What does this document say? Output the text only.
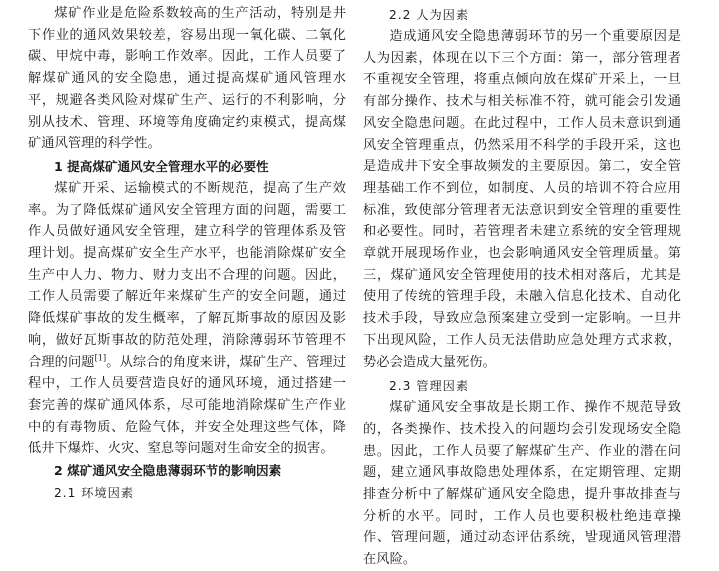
煤矿作业是危险系数较高的生产活动，特别是井下作业的通风效果较差，容易出现一氧化碳、二氧化碳、甲烷中毒，影响工作效率。因此，工作人员要了解煤矿通风的安全隐患，通过提高煤矿通风管理水平，规避各类风险对煤矿生产、运行的不利影响，分别从技术、管理、环境等角度确定约束模式，提高煤矿通风管理的科学性。

1 提高煤矿通风安全管理水平的必要性

煤矿开采、运输模式的不断规范，提高了生产效率。为了降低煤矿通风安全管理方面的问题，需要工作人员做好通风安全管理，建立科学的管理体系及管理计划。提高煤矿安全生产水平，也能消除煤矿安全生产中人力、物力、财力支出不合理的问题。因此，工作人员需要了解近年来煤矿生产的安全问题，通过降低煤矿事故的发生概率，了解瓦斯事故的原因及影响，做好瓦斯事故的防范处理，消除薄弱环节管理不合理的问题[1]。从综合的角度来讲，煤矿生产、管理过程中，工作人员要营造良好的通风环境，通过搭建一套完善的煤矿通风体系，尽可能地消除煤矿生产作业中的有毒物质、危险气体，并安全处理这些气体，降低井下爆炸、火灾、窒息等问题对生命安全的损害。

2 煤矿通风安全隐患薄弱环节的影响因素

2.1 环境因素

2.2 人为因素

造成通风安全隐患薄弱环节的另一个重要原因是人为因素，体现在以下三个方面：第一，部分管理者不重视安全管理，将重点倾向放在煤矿开采上，一旦有部分操作、技术与相关标准不符，就可能会引发通风安全隐患问题。在此过程中，工作人员未意识到通风安全管理重点，仍然采用不科学的手段开采，这也是造成井下安全事故频发的主要原因。第二，安全管理基础工作不到位，如制度、人员的培训不符合应用标准，致使部分管理者无法意识到安全管理的重要性和必要性。同时，若管理者未建立系统的安全管理规章就开展现场作业，也会影响通风安全管理质量。第三，煤矿通风安全管理使用的技术相对落后，尤其是使用了传统的管理手段，未融入信息化技术、自动化技术手段，导致应急预案建立受到一定影响。一旦井下出现风险，工作人员无法借助应急处理方式求救，势必会造成大量死伤。

2.3 管理因素

煤矿通风安全事故是长期工作、操作不规范导致的，各类操作、技术投入的问题均会引发现场安全隐患。因此，工作人员要了解煤矿生产、作业的潜在问题，建立通风事故隐患处理体系，在定期管理、定期排查分析中了解煤矿通风安全隐患，提升事故排查与分析的水平。同时，工作人员也要积极杜绝违章操作、管理问题，通过动态评估系统，발现通风管理潜在风险。
